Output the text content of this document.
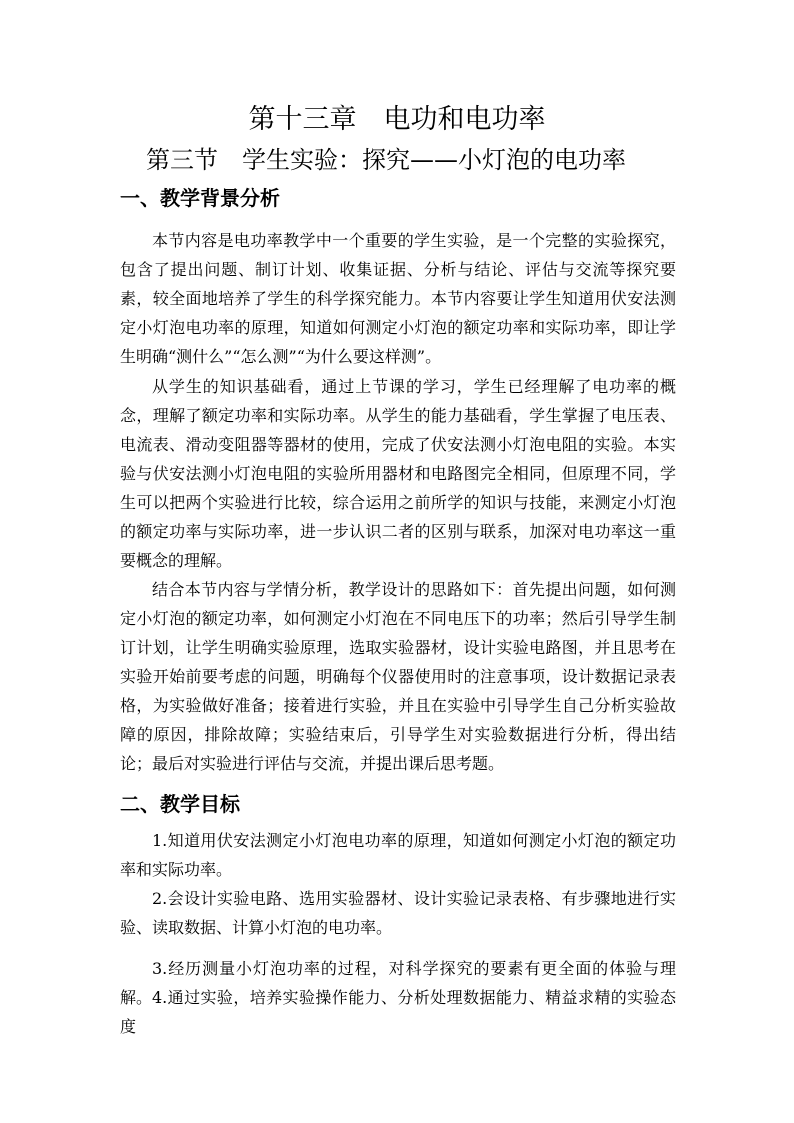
第十三章　电功和电功率
第三节　学生实验：探究——小灯泡的电功率
一、教学背景分析

本节内容是电功率教学中一个重要的学生实验，是一个完整的实验探究，包含了提出问题、制订计划、收集证据、分析与结论、评估与交流等探究要素，较全面地培养了学生的科学探究能力。本节内容要让学生知道用伏安法测定小灯泡电功率的原理，知道如何测定小灯泡的额定功率和实际功率，即让学生明确“测什么”“怎么测”“为什么要这样测”。

从学生的知识基础看，通过上节课的学习，学生已经理解了电功率的概念，理解了额定功率和实际功率。从学生的能力基础看，学生掌握了电压表、电流表、滑动变阻器等器材的使用，完成了伏安法测小灯泡电阻的实验。本实验与伏安法测小灯泡电阻的实验所用器材和电路图完全相同，但原理不同，学生可以把两个实验进行比较，综合运用之前所学的知识与技能，来测定小灯泡的额定功率与实际功率，进一步认识二者的区别与联系，加深对电功率这一重要概念的理解。

结合本节内容与学情分析，教学设计的思路如下：首先提出问题，如何测定小灯泡的额定功率，如何测定小灯泡在不同电压下的功率；然后引导学生制订计划，让学生明确实验原理，选取实验器材，设计实验电路图，并且思考在实验开始前要考虑的问题，明确每个仪器使用时的注意事项，设计数据记录表格，为实验做好准备；接着进行实验，并且在实验中引导学生自己分析实验故障的原因，排除故障；实验结束后，引导学生对实验数据进行分析，得出结论；最后对实验进行评估与交流，并提出课后思考题。

二、教学目标

1.知道用伏安法测定小灯泡电功率的原理，知道如何测定小灯泡的额定功率和实际功率。

2.会设计实验电路、选用实验器材、设计实验记录表格、有步骤地进行实验、读取数据、计算小灯泡的电功率。

3.经历测量小灯泡功率的过程，对科学探究的要素有更全面的体验与理解。 4.通过实验，培养实验操作能力、分析处理数据能力、精益求精的实验态度
